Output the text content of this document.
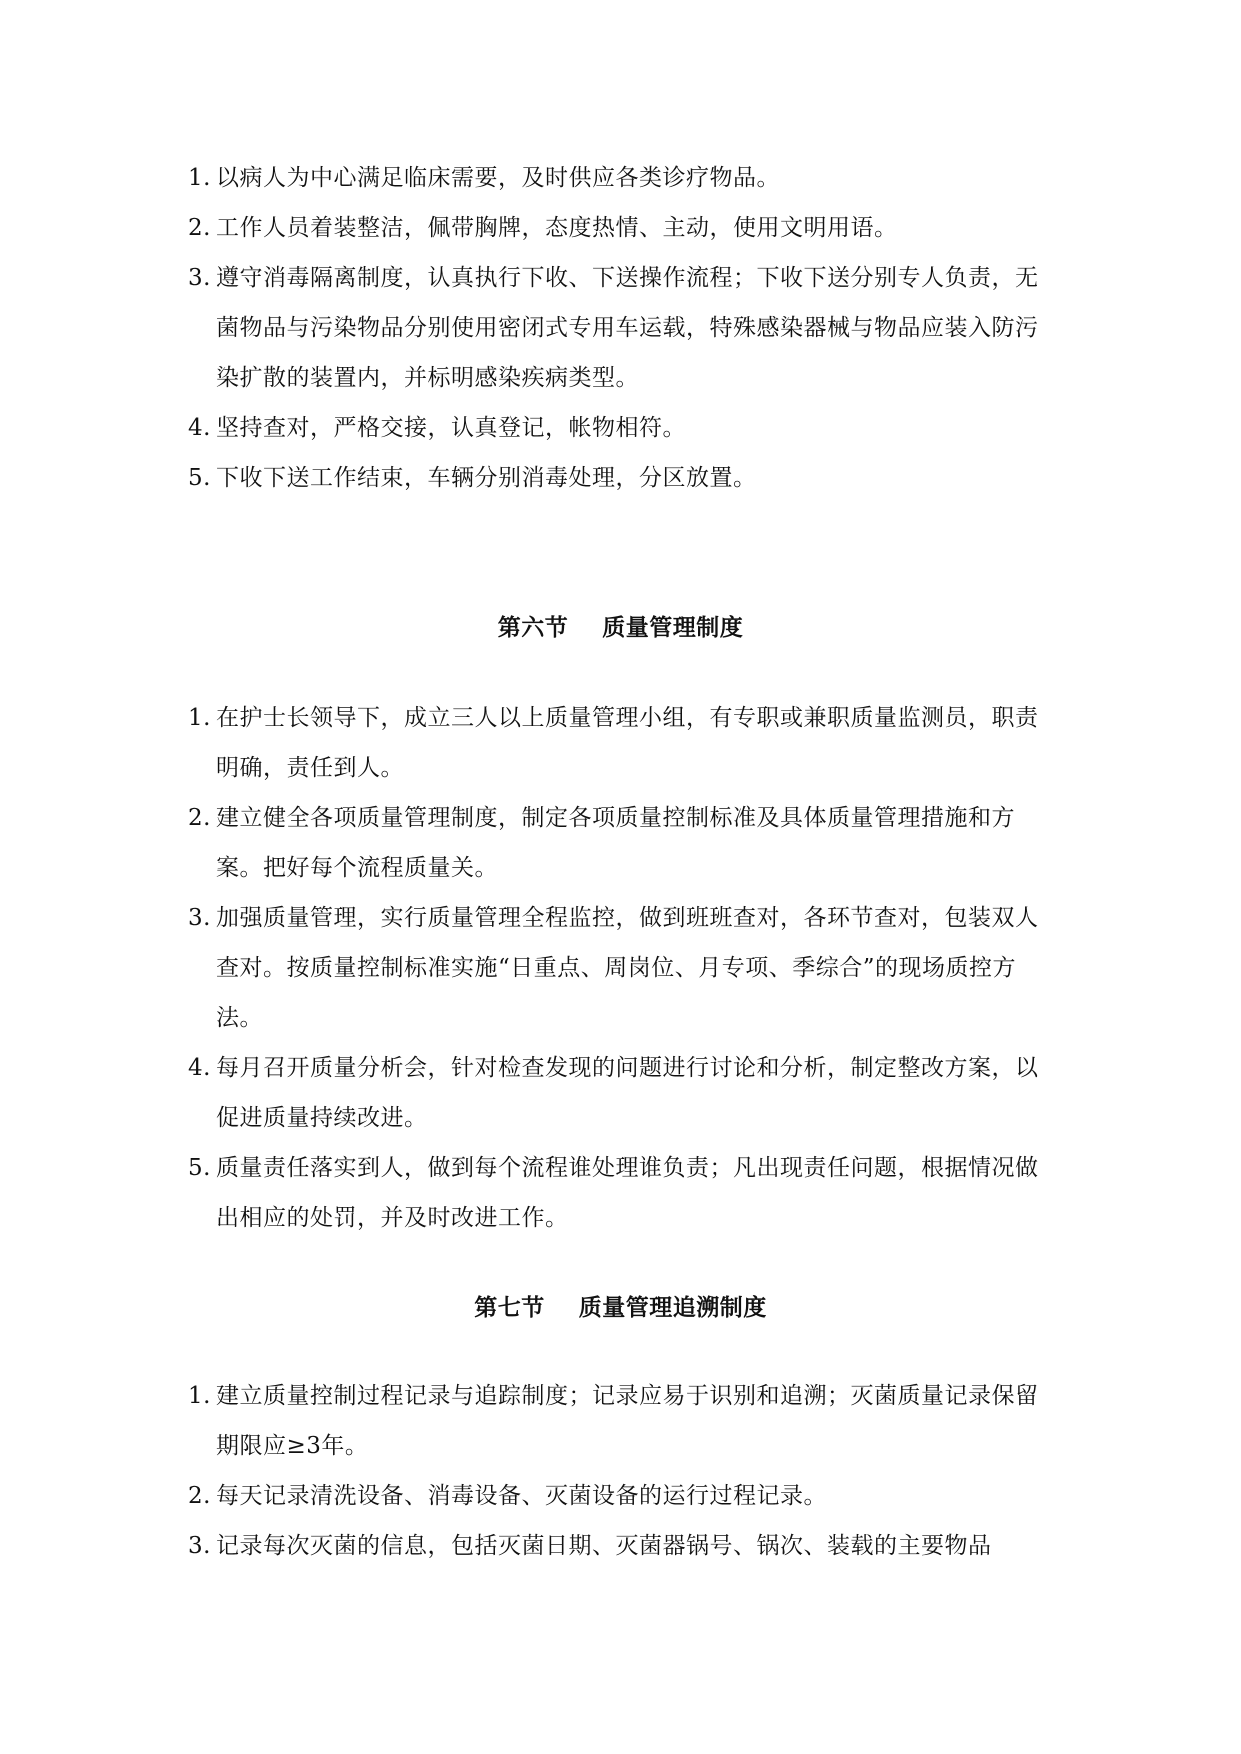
1. 以病人为中心满足临床需要，及时供应各类诊疗物品。
2. 工作人员着装整洁，佩带胸牌，态度热情、主动，使用文明用语。
3. 遵守消毒隔离制度，认真执行下收、下送操作流程；下收下送分别专人负责，无菌物品与污染物品分别使用密闭式专用车运载，特殊感染器械与物品应装入防污染扩散的装置内，并标明感染疾病类型。
4. 坚持查对，严格交接，认真登记，帐物相符。
5. 下收下送工作结束，车辆分别消毒处理，分区放置。
第六节    质量管理制度
1. 在护士长领导下，成立三人以上质量管理小组，有专职或兼职质量监测员，职责明确，责任到人。
2. 建立健全各项质量管理制度，制定各项质量控制标准及具体质量管理措施和方案。把好每个流程质量关。
3. 加强质量管理，实行质量管理全程监控，做到班班查对，各环节查对，包装双人查对。按质量控制标准实施“日重点、周岗位、月专项、季综合”的现场质控方法。
4. 每月召开质量分析会，针对检查发现的问题进行讨论和分析，制定整改方案，以促进质量持续改进。
5. 质量责任落实到人，做到每个流程谁处理谁负责；凡出现责任问题，根据情况做出相应的处罚，并及时改进工作。
第七节    质量管理追溯制度
1. 建立质量控制过程记录与追踪制度；记录应易于识别和追溯；灭菌质量记录保留期限应≥3年。
2. 每天记录清洗设备、消毒设备、灭菌设备的运行过程记录。
3. 记录每次灭菌的信息，包括灭菌日期、灭菌器锅号、锅次、装载的主要物品
